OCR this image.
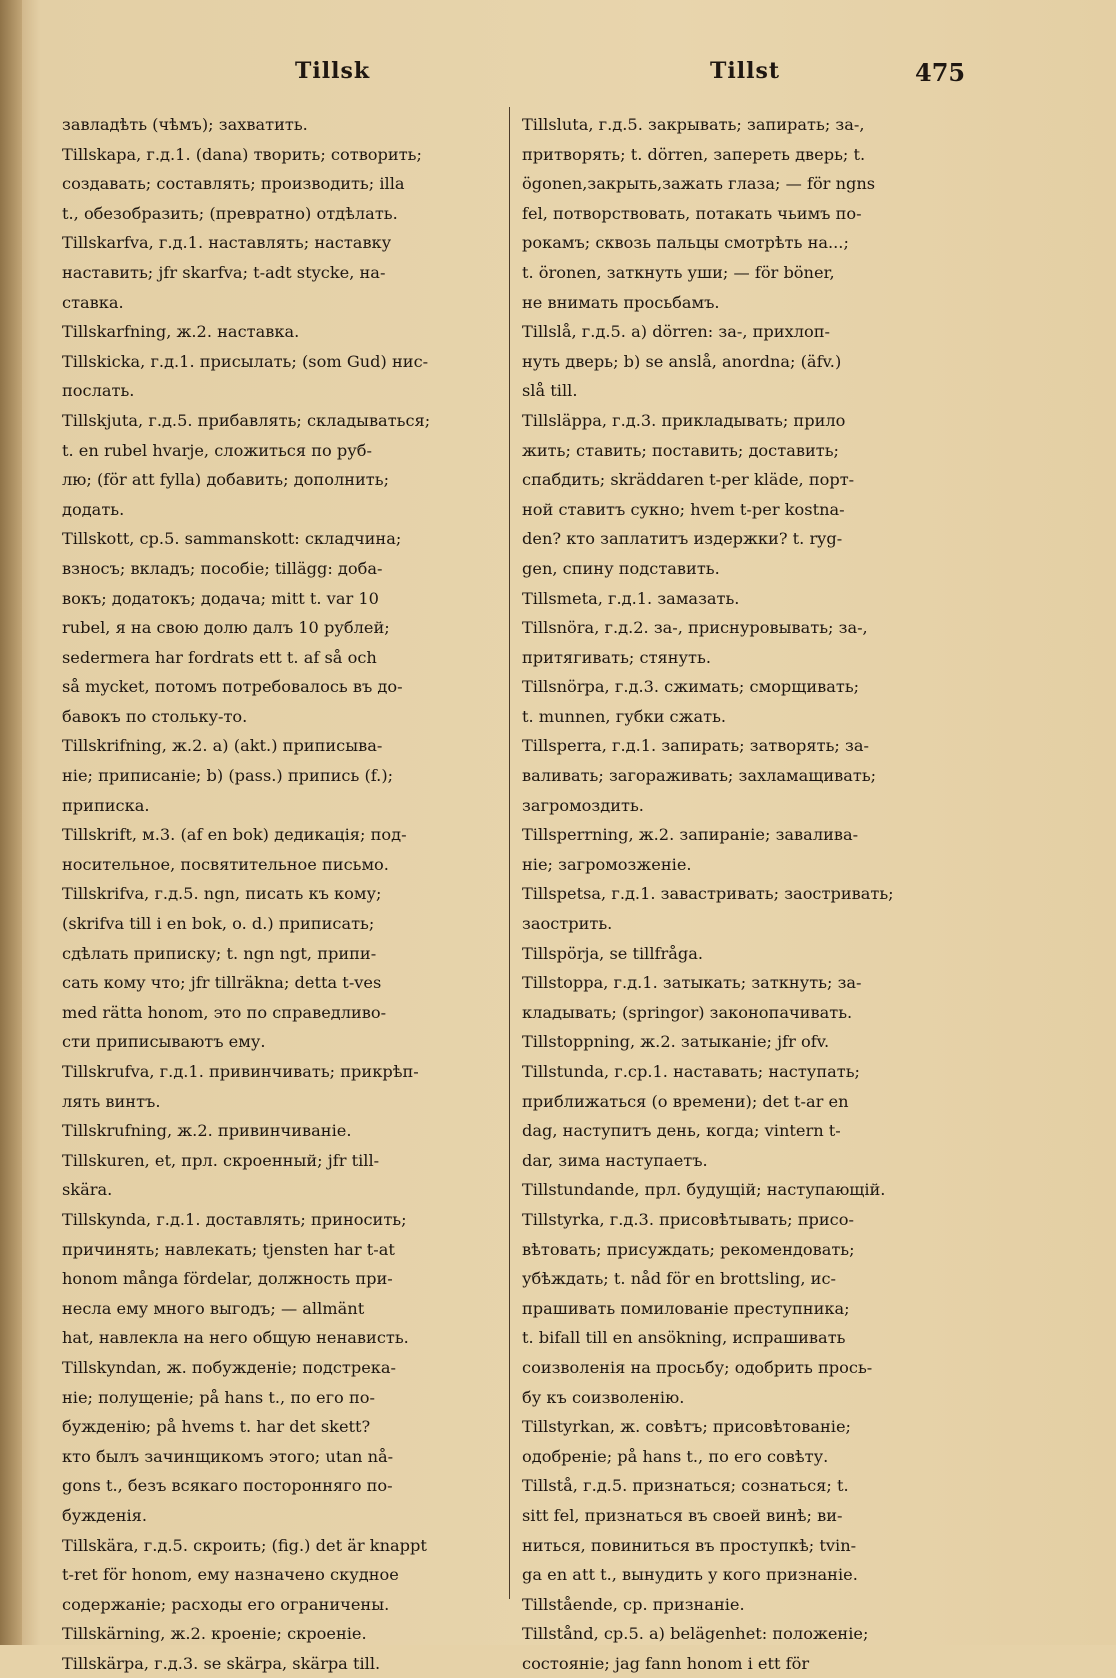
Tillsk	Tillst	475
завладѣть (чѣмъ); захватить.
Tillskapa, г.д.1. (dana) творить; сотворить;
создавать; составлять; производить; illa
t., обезобразить; (превратно) отдѣлать.
Tillskarfva, г.д.1. наставлять; наставку
наставить; jfr skarfva; t-adt stycke, на-
ставка.
Tillskarfning, ж.2. наставка.
Tillskicka, г.д.1. присылать; (som Gud) нис-
послать.
Tillskjuta, г.д.5. прибавлять; складываться;
t. en rubel hvarje, сложиться по руб-
лю; (för att fylla) добавить; дополнить;
додать.
Tillskott, ср.5. sammanskott: складчина;
взносъ; вкладъ; пособіе; tillägg: доба-
вокъ; додатокъ; додача; mitt t. var 10
rubel, я на свою долю далъ 10 рублей;
sedermera har fordrats ett t. af så och
så mycket, потомъ потребовалось въ до-
бавокъ по стольку-то.
Tillskrifning, ж.2. а) (akt.) приписыва-
ніе; приписаніе; b) (pass.) припись (f.);
приписка.
Tillskrift, м.3. (af en bok) дедикація; под-
носительное, посвятительное письмо.
Tillskrifva, г.д.5. ngn, писать къ кому;
(skrifva till i en bok, o. d.) приписать;
сдѣлать приписку; t. ngn ngt, припи-
сать кому что; jfr tillräkna; detta t-ves
med rätta honom, это по справедливо-
сти приписываютъ ему.
Tillskrufva, г.д.1. привинчивать; прикрѣп-
лять винтъ.
Tillskrufning, ж.2. привинчиваніе.
Tillskuren, et, прл. скроенный; jfr till-
skära.
Tillskynda, г.д.1. доставлять; приносить;
причинять; навлекать; tjensten har t-at
honom många fördelar, должность при-
несла ему много выгодъ; — allmänt
hat, навлекла на него общую ненависть.
Tillskyndan, ж. побужденіе; подстрека-
ніе; полущеніе; på hans t., по его по-
бужденію; på hvems t. har det skett?
кто былъ зачинщикомъ этого; utan nå-
gons t., безъ всякаго посторонняго по-
бужденія.
Tillskära, г.д.5. скроить; (fig.) det är knappt
t-ret för honom, ему назначено скудное
содержаніе; расходы его ограничены.
Tillskärning, ж.2. кроеніе; скроеніе.
Tillskärpa, г.д.3. se skärpa, skärpa till.
Tillsluta, г.д.5. закрывать; запирать; за-,
притворять; t. dörren, запереть дверь; t.
ögonen,закрыть,зажать глаза; — för ngns
fel, потворствовать, потакать чьимъ по-
рокамъ; сквозь пальцы смотрѣть на...;
t. öronen, заткнуть уши; — för böner,
не внимать просьбамъ.
Tillslå, г.д.5. а) dörren: за-, прихлоп-
нуть дверь; b) se anslå, anordna; (äfv.)
slå till.
Tillsläppa, г.д.3. прикладывать; прило
жить; ставить; поставить; доставить;
спабдить; skräddaren t-per kläde, порт-
ной ставитъ сукно; hvem t-per kostna-
den? кто заплатитъ издержки? t. ryg-
gen, спину подставить.
Tillsmeta, г.д.1. замазать.
Tillsnöra, г.д.2. за-, приснуровывать; за-,
притягивать; стянуть.
Tillsnörpa, г.д.3. сжимать; сморщивать;
t. munnen, губки сжать.
Tillsperra, г.д.1. запирать; затворять; за-
валивать; загораживать; захламащивать;
загромоздить.
Tillsperrning, ж.2. запираніе; заваливa-
ніе; загромозженіе.
Tillspetsa, г.д.1. заваcтривать; заостривать;
заострить.
Tillspörja, se tillfråga.
Tillstoppa, г.д.1. затыкать; заткнуть; за-
кладывать; (springor) законопачивать.
Tillstoppning, ж.2. затыканіе; jfr ofv.
Tillstunda, г.ср.1. наставать; наступать;
приближаться (о времени); det t-ar en
dag, наступитъ день, когда; vintern t-
dar, зима наступаетъ.
Tillstundande, прл. будущій; наступающій.
Tillstyrka, г.д.3. присовѣтывать; присо-
вѣтовать; присуждать; рекомендовать;
убѣждать; t. nåd för en brottsling, ис-
прашивать помилованіе преступника;
t. bifall till en ansökning, испрашивать
соизволенія на просьбу; одобрить прось-
бу къ соизволенію.
Tillstyrkan, ж. совѣтъ; присовѣтованіе;
одобреніе; på hans t., по его совѣту.
Tillstå, г.д.5. признаться; сознаться; t.
sitt fel, признаться въ своей винѣ; ви-
ниться, повиниться въ проступкѣ; tvin-
ga en att t., вынудить у кого признаніе.
Tillstående, ср. признаніе.
Tillstånd, ср.5. а) belägenhet: положеніе;
состояніе; jag fann honom i ett för
